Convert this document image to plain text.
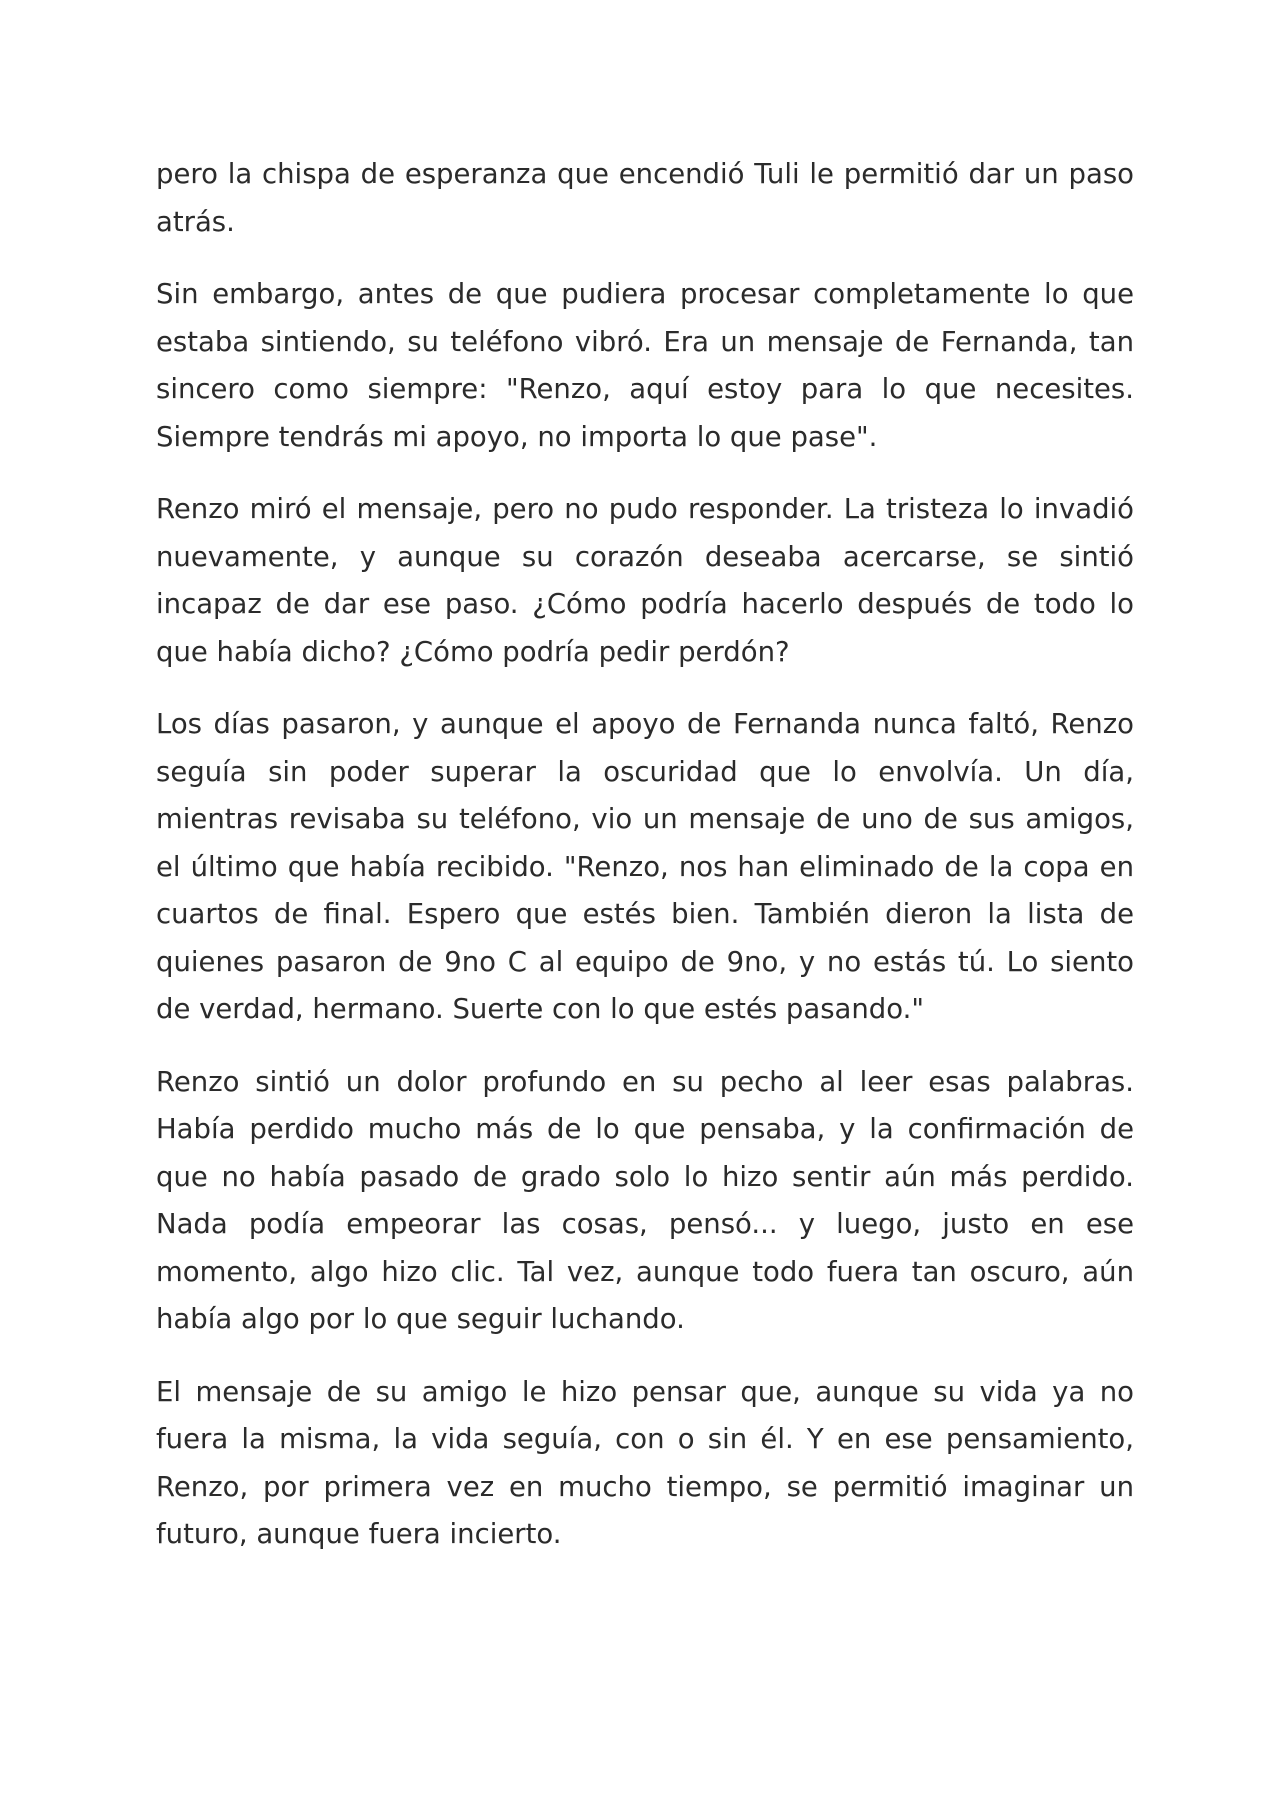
pero la chispa de esperanza que encendió Tuli le permitió dar un paso atrás.

Sin embargo, antes de que pudiera procesar completamente lo que estaba sintiendo, su teléfono vibró. Era un mensaje de Fernanda, tan sincero como siempre: "Renzo, aquí estoy para lo que necesites. Siempre tendrás mi apoyo, no importa lo que pase".

Renzo miró el mensaje, pero no pudo responder. La tristeza lo invadió nuevamente, y aunque su corazón deseaba acercarse, se sintió incapaz de dar ese paso. ¿Cómo podría hacerlo después de todo lo que había dicho? ¿Cómo podría pedir perdón?

Los días pasaron, y aunque el apoyo de Fernanda nunca faltó, Renzo seguía sin poder superar la oscuridad que lo envolvía. Un día, mientras revisaba su teléfono, vio un mensaje de uno de sus amigos, el último que había recibido. "Renzo, nos han eliminado de la copa en cuartos de final. Espero que estés bien. También dieron la lista de quienes pasaron de 9no C al equipo de 9no, y no estás tú. Lo siento de verdad, hermano. Suerte con lo que estés pasando."

Renzo sintió un dolor profundo en su pecho al leer esas palabras. Había perdido mucho más de lo que pensaba, y la confirmación de que no había pasado de grado solo lo hizo sentir aún más perdido. Nada podía empeorar las cosas, pensó... y luego, justo en ese momento, algo hizo clic. Tal vez, aunque todo fuera tan oscuro, aún había algo por lo que seguir luchando.

El mensaje de su amigo le hizo pensar que, aunque su vida ya no fuera la misma, la vida seguía, con o sin él. Y en ese pensamiento, Renzo, por primera vez en mucho tiempo, se permitió imaginar un futuro, aunque fuera incierto.
